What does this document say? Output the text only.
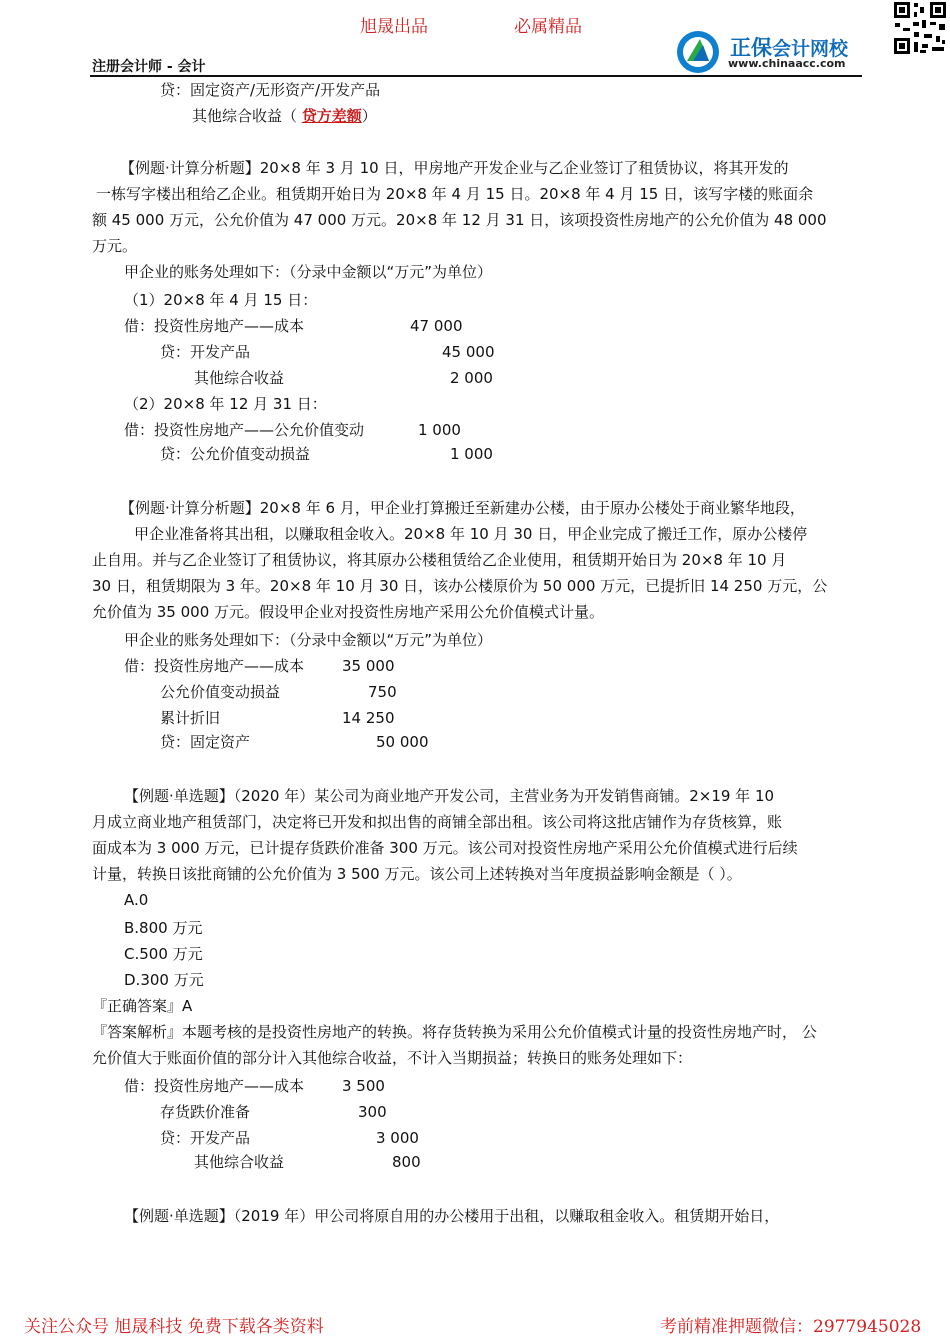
旭晟出品	必属精品
正保会计网校
www.chinaacc.com
注册会计师 - 会计
贷：固定资产/无形资产/开发产品
其他综合收益（ 贷方差额）
【例题·计算分析题】20×8 年 3 月 10 日，甲房地产开发企业与乙企业签订了租赁协议，将其开发的
一栋写字楼出租给乙企业。租赁期开始日为 20×8 年 4 月 15 日。20×8 年 4 月 15 日，该写字楼的账面余
额 45 000 万元，公允价值为 47 000 万元。20×8 年 12 月 31 日，该项投资性房地产的公允价值为 48 000
万元。
甲企业的账务处理如下：（分录中金额以“万元”为单位）
（1）20×8 年 4 月 15 日：
借：投资性房地产——成本	47 000
贷：开发产品	45 000
其他综合收益	2 000
（2）20×8 年 12 月 31 日：
借：投资性房地产——公允价值变动	1 000
贷：公允价值变动损益	1 000
【例题·计算分析题】20×8 年 6 月，甲企业打算搬迁至新建办公楼，由于原办公楼处于商业繁华地段，
甲企业准备将其出租，以赚取租金收入。20×8 年 10 月 30 日，甲企业完成了搬迁工作，原办公楼停
止自用。并与乙企业签订了租赁协议，将其原办公楼租赁给乙企业使用，租赁期开始日为 20×8 年 10 月
30 日，租赁期限为 3 年。20×8 年 10 月 30 日，该办公楼原价为 50 000 万元，已提折旧 14 250 万元，公
允价值为 35 000 万元。假设甲企业对投资性房地产采用公允价值模式计量。
甲企业的账务处理如下：（分录中金额以“万元”为单位）
借：投资性房地产——成本	35 000
公允价值变动损益	750
累计折旧	14 250
贷：固定资产	50 000
【例题·单选题】（2020 年）某公司为商业地产开发公司，主营业务为开发销售商铺。2×19 年 10
月成立商业地产租赁部门，决定将已开发和拟出售的商铺全部出租。该公司将这批店铺作为存货核算，账
面成本为 3 000 万元，已计提存货跌价准备 300 万元。该公司对投资性房地产采用公允价值模式进行后续
计量，转换日该批商铺的公允价值为 3 500 万元。该公司上述转换对当年度损益影响金额是（ ）。
A.0
B.800 万元
C.500 万元
D.300 万元
『正确答案』A
『答案解析』本题考核的是投资性房地产的转换。将存货转换为采用公允价值模式计量的投资性房地产时， 公
允价值大于账面价值的部分计入其他综合收益，不计入当期损益；转换日的账务处理如下：
借：投资性房地产——成本	3 500
存货跌价准备	300
贷：开发产品	3 000
其他综合收益	800
【例题·单选题】（2019 年）甲公司将原自用的办公楼用于出租，以赚取租金收入。租赁期开始日，
关注公众号 旭晟科技 免费下载各类资料	考前精准押题微信：2977945028
